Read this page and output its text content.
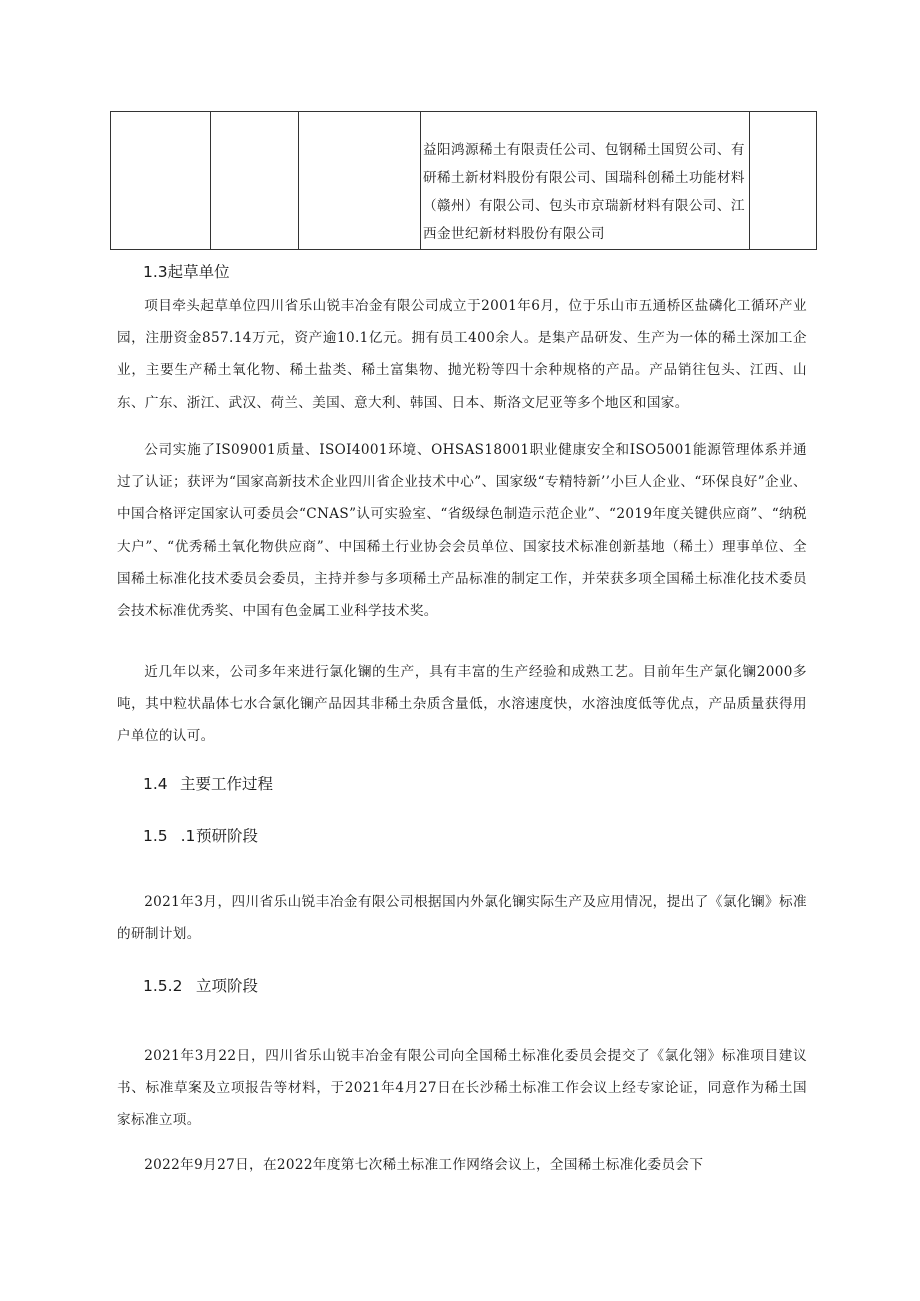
益阳鸿源稀土有限责任公司、包钢稀土国贸公司、有研稀土新材料股份有限公司、国瑞科创稀土功能材料（赣州）有限公司、包头市京瑞新材料有限公司、江西金世纪新材料股份有限公司

1.3起草单位

项目牵头起草单位四川省乐山锐丰冶金有限公司成立于2001年6月，位于乐山市五通桥区盐磷化工循环产业园，注册资金857.14万元，资产逾10.1亿元。拥有员工400余人。是集产品研发、生产为一体的稀土深加工企业，主要生产稀土氧化物、稀土盐类、稀土富集物、抛光粉等四十余种规格的产品。产品销往包头、江西、山东、广东、浙江、武汉、荷兰、美国、意大利、韩国、日本、斯洛文尼亚等多个地区和国家。

公司实施了IS09001质量、ISOI4001环境、OHSAS18001职业健康安全和ISO5001能源管理体系并通过了认证；获评为“国家高新技术企业四川省企业技术中心”、国家级“专精特新’’小巨人企业、“环保良好”企业、中国合格评定国家认可委员会“CNAS”认可实验室、“省级绿色制造示范企业”、“2019年度关键供应商”、“纳税大户”、“优秀稀土氧化物供应商”、中国稀土行业协会会员单位、国家技术标准创新基地（稀土）理事单位、全国稀土标准化技术委员会委员，主持并参与多项稀土产品标准的制定工作，并荣获多项全国稀土标准化技术委员会技术标准优秀奖、中国有色金属工业科学技术奖。

近几年以来，公司多年来进行氯化镧的生产，具有丰富的生产经验和成熟工艺。目前年生产氯化镧2000多吨，其中粒状晶体七水合氯化镧产品因其非稀土杂质含量低，水溶速度快，水溶浊度低等优点，产品质量获得用户单位的认可。

1.4 主要工作过程
1.5 .1预研阶段

2021年3月，四川省乐山锐丰冶金有限公司根据国内外氯化镧实际生产及应用情况，提出了《氯化镧》标准的研制计划。

1.5.2 立项阶段

2021年3月22日，四川省乐山锐丰冶金有限公司向全国稀土标准化委员会提交了《氯化翎》标准项目建议书、标准草案及立项报告等材料，于2021年4月27日在长沙稀土标准工作会议上经专家论证，同意作为稀土国家标准立项。

2022年9月27日，在2022年度第七次稀土标准工作网络会议上，全国稀土标准化委员会下
